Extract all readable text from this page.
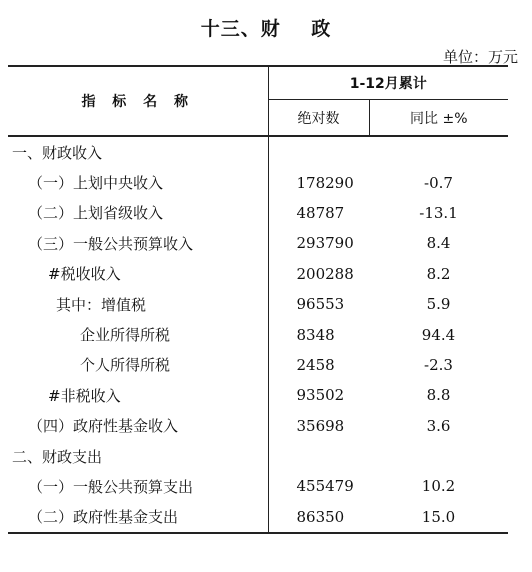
十三、财    政
单位：万元
指 标 名 称	1-12月累计	
	绝对数	同比 ±%
一、财政收入		
（一）上划中央收入	178290	-0.7
（二）上划省级收入	48787	-13.1
（三）一般公共预算收入	293790	8.4
#税收收入	200288	8.2
其中：增值税	96553	5.9
企业所得所税	8348	94.4
个人所得所税	2458	-2.3
#非税收入	93502	8.8
（四）政府性基金收入	35698	3.6
二、财政支出		
（一）一般公共预算支出	455479	10.2
（二）政府性基金支出	86350	15.0
